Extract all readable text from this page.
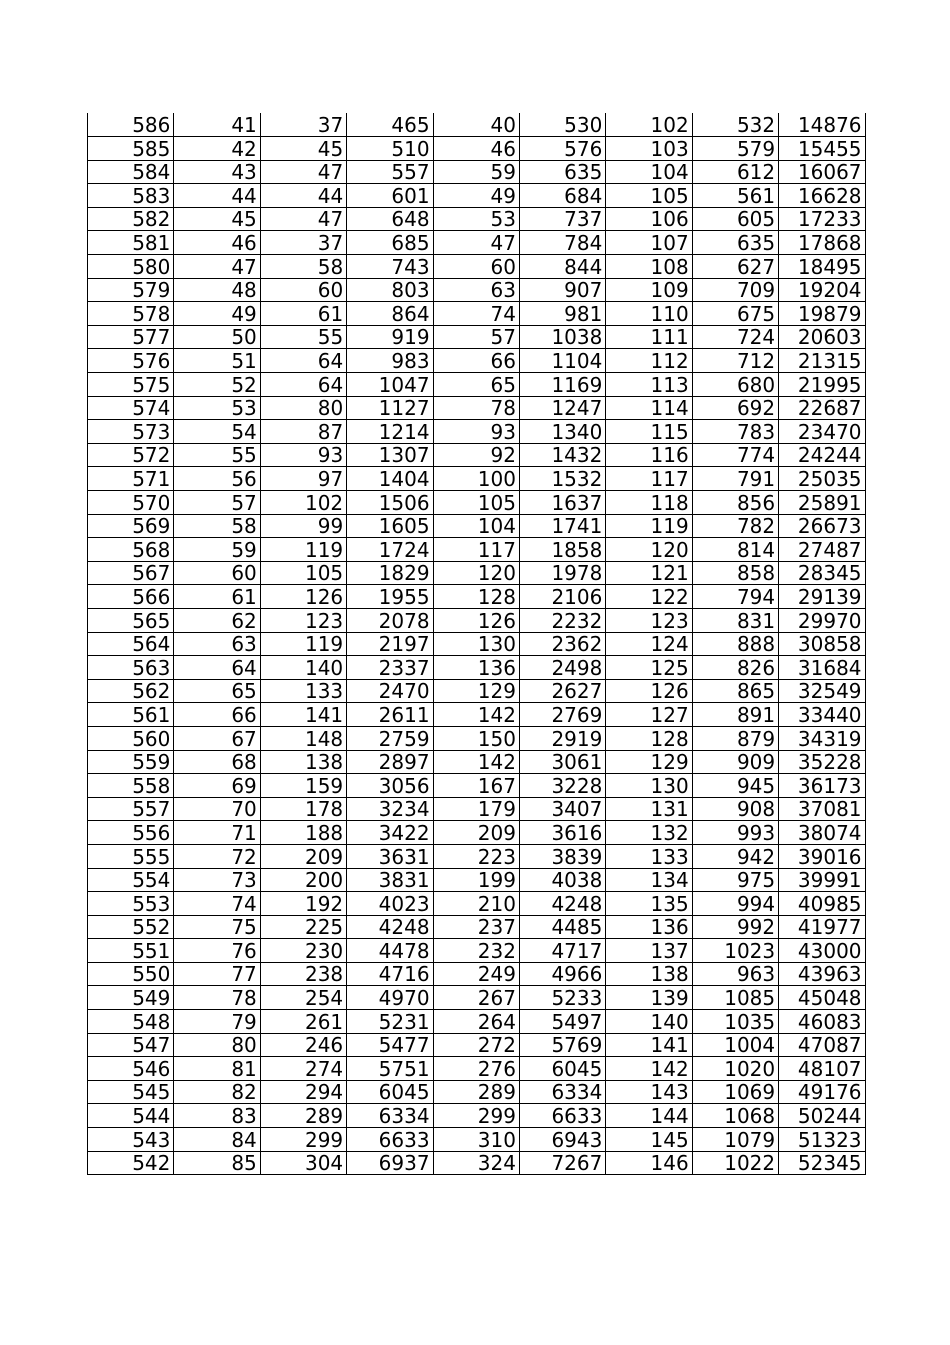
586	41	37	465	40	530	102	532	14876
585	42	45	510	46	576	103	579	15455
584	43	47	557	59	635	104	612	16067
583	44	44	601	49	684	105	561	16628
582	45	47	648	53	737	106	605	17233
581	46	37	685	47	784	107	635	17868
580	47	58	743	60	844	108	627	18495
579	48	60	803	63	907	109	709	19204
578	49	61	864	74	981	110	675	19879
577	50	55	919	57	1038	111	724	20603
576	51	64	983	66	1104	112	712	21315
575	52	64	1047	65	1169	113	680	21995
574	53	80	1127	78	1247	114	692	22687
573	54	87	1214	93	1340	115	783	23470
572	55	93	1307	92	1432	116	774	24244
571	56	97	1404	100	1532	117	791	25035
570	57	102	1506	105	1637	118	856	25891
569	58	99	1605	104	1741	119	782	26673
568	59	119	1724	117	1858	120	814	27487
567	60	105	1829	120	1978	121	858	28345
566	61	126	1955	128	2106	122	794	29139
565	62	123	2078	126	2232	123	831	29970
564	63	119	2197	130	2362	124	888	30858
563	64	140	2337	136	2498	125	826	31684
562	65	133	2470	129	2627	126	865	32549
561	66	141	2611	142	2769	127	891	33440
560	67	148	2759	150	2919	128	879	34319
559	68	138	2897	142	3061	129	909	35228
558	69	159	3056	167	3228	130	945	36173
557	70	178	3234	179	3407	131	908	37081
556	71	188	3422	209	3616	132	993	38074
555	72	209	3631	223	3839	133	942	39016
554	73	200	3831	199	4038	134	975	39991
553	74	192	4023	210	4248	135	994	40985
552	75	225	4248	237	4485	136	992	41977
551	76	230	4478	232	4717	137	1023	43000
550	77	238	4716	249	4966	138	963	43963
549	78	254	4970	267	5233	139	1085	45048
548	79	261	5231	264	5497	140	1035	46083
547	80	246	5477	272	5769	141	1004	47087
546	81	274	5751	276	6045	142	1020	48107
545	82	294	6045	289	6334	143	1069	49176
544	83	289	6334	299	6633	144	1068	50244
543	84	299	6633	310	6943	145	1079	51323
542	85	304	6937	324	7267	146	1022	52345
